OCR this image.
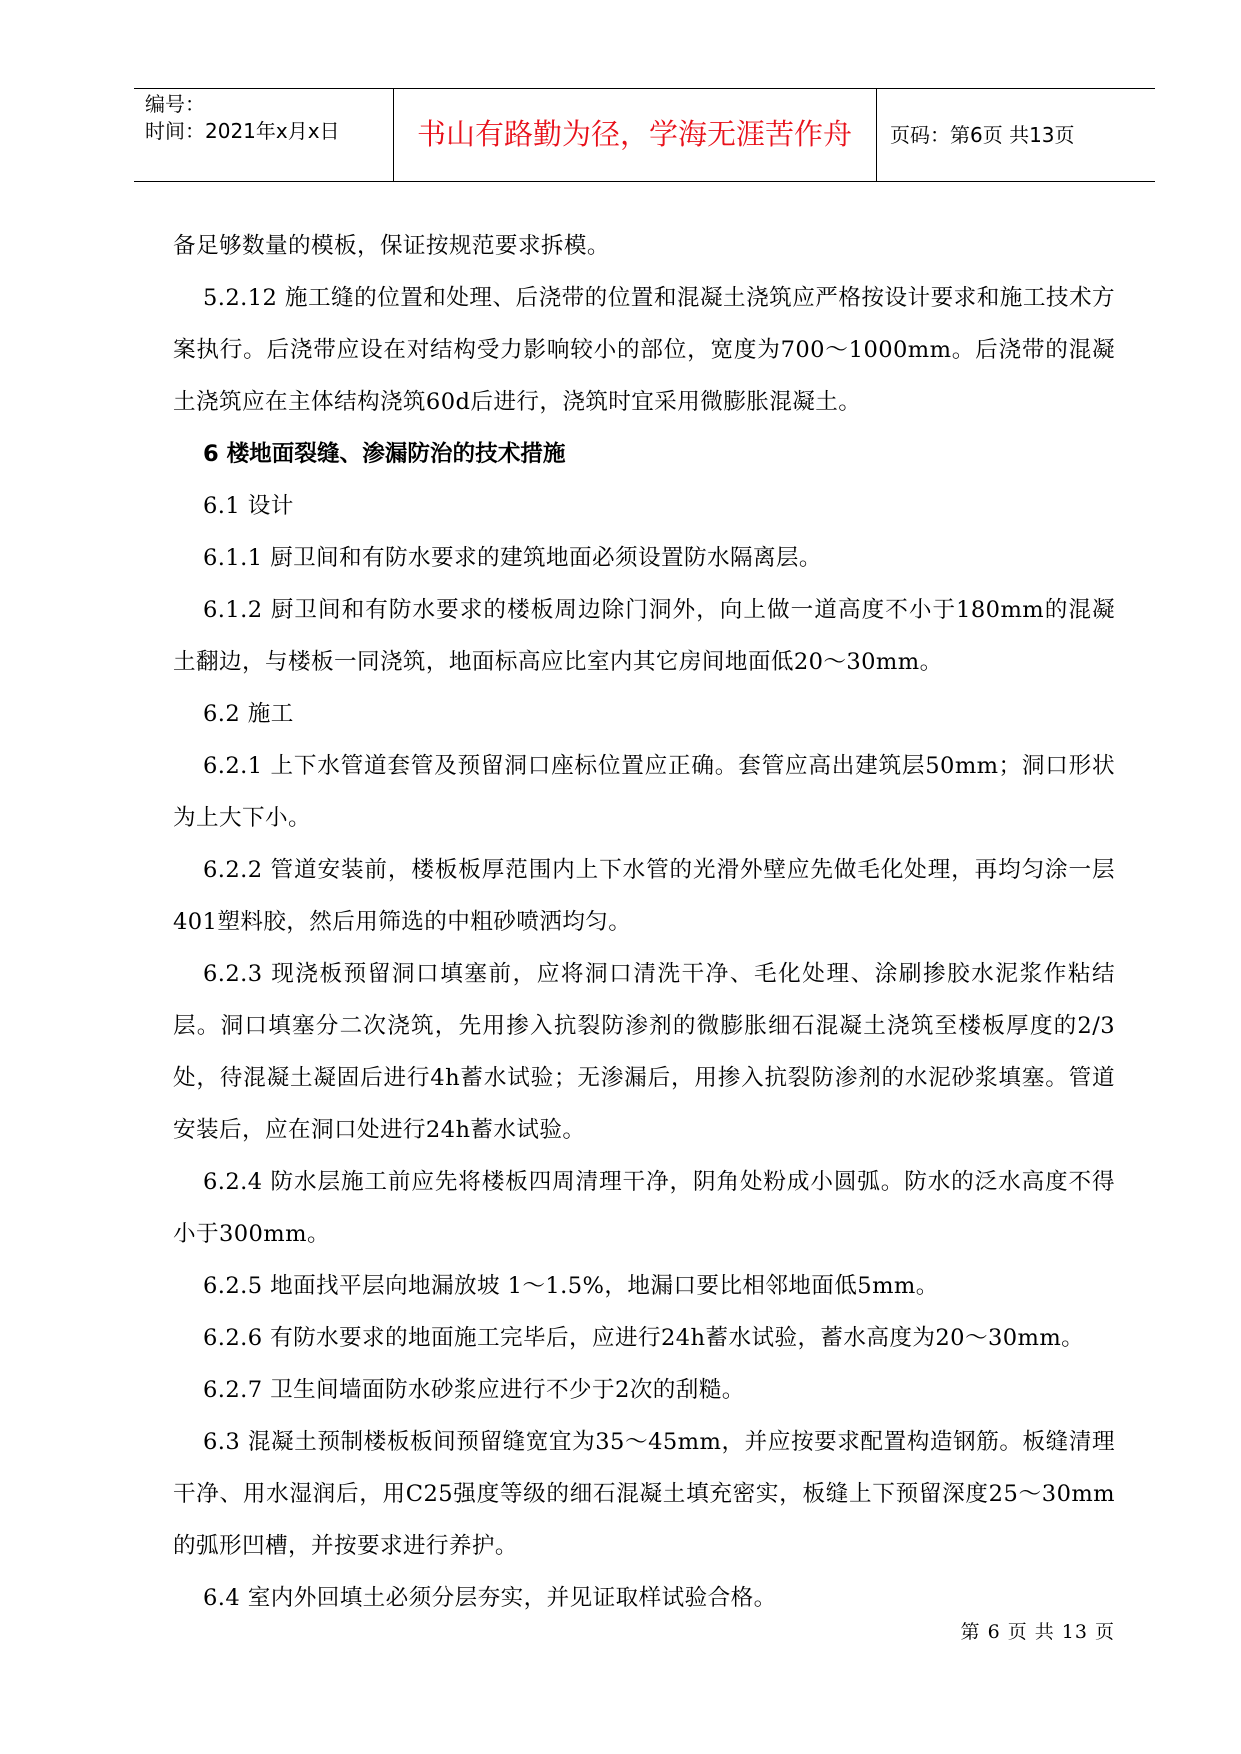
编号：
时间：2021年x月x日	书山有路勤为径，学海无涯苦作舟	页码：第6页 共13页

备足够数量的模板，保证按规范要求拆模。

5.2.12 施工缝的位置和处理、后浇带的位置和混凝土浇筑应严格按设计要求和施工技术方案执行。后浇带应设在对结构受力影响较小的部位，宽度为700～1000mm。后浇带的混凝土浇筑应在主体结构浇筑60d后进行，浇筑时宜采用微膨胀混凝土。

6 楼地面裂缝、渗漏防治的技术措施

6.1 设计

6.1.1 厨卫间和有防水要求的建筑地面必须设置防水隔离层。

6.1.2 厨卫间和有防水要求的楼板周边除门洞外，向上做一道高度不小于180mm的混凝土翻边，与楼板一同浇筑，地面标高应比室内其它房间地面低20～30mm。

6.2 施工

6.2.1 上下水管道套管及预留洞口座标位置应正确。套管应高出建筑层50mm；洞口形状为上大下小。

6.2.2 管道安装前，楼板板厚范围内上下水管的光滑外壁应先做毛化处理，再均匀涂一层401塑料胶，然后用筛选的中粗砂喷洒均匀。

6.2.3 现浇板预留洞口填塞前，应将洞口清洗干净、毛化处理、涂刷掺胶水泥浆作粘结层。洞口填塞分二次浇筑，先用掺入抗裂防渗剂的微膨胀细石混凝土浇筑至楼板厚度的2/3处，待混凝土凝固后进行4h蓄水试验；无渗漏后，用掺入抗裂防渗剂的水泥砂浆填塞。管道安装后，应在洞口处进行24h蓄水试验。

6.2.4 防水层施工前应先将楼板四周清理干净，阴角处粉成小圆弧。防水的泛水高度不得小于300mm。

6.2.5 地面找平层向地漏放坡 1～1.5%，地漏口要比相邻地面低5mm。

6.2.6 有防水要求的地面施工完毕后，应进行24h蓄水试验，蓄水高度为20～30mm。

6.2.7 卫生间墙面防水砂浆应进行不少于2次的刮糙。

6.3 混凝土预制楼板板间预留缝宽宜为35～45mm，并应按要求配置构造钢筋。板缝清理干净、用水湿润后，用C25强度等级的细石混凝土填充密实，板缝上下预留深度25～30mm的弧形凹槽，并按要求进行养护。

6.4 室内外回填土必须分层夯实，并见证取样试验合格。

第 6 页 共 13 页
